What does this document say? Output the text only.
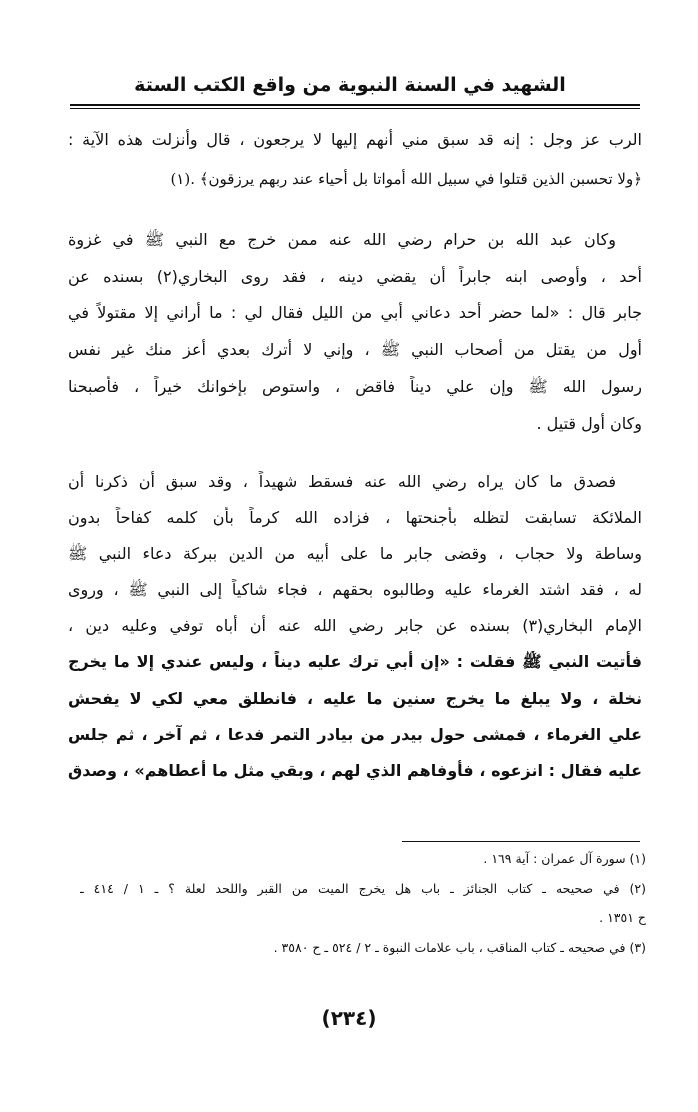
الشهيد في السنة النبوية من واقع الكتب الستة
الرب عز وجل : إنه قد سبق مني أنهم إليها لا يرجعون ، قال وأنزلت هذه الآية :
﴿ولا تحسبن الذين قتلوا في سبيل الله أمواتا بل أحياء عند ربهم يرزقون﴾ .(١)
وكان عبد الله بن حرام رضي الله عنه ممن خرج مع النبي ﷺ في غزوة
أحد ، وأوصى ابنه جابراً أن يقضي دينه ، فقد روى البخاري(٢) بسنده عن
جابر قال : «لما حضر أحد دعاني أبي من الليل فقال لي : ما أراني إلا مقتولاً في
أول من يقتل من أصحاب النبي ﷺ ، وإني لا أترك بعدي أعز منك غير نفس
رسول الله ﷺ وإن علي ديناً فاقض ، واستوص بإخوانك خيراً ، فأصبحنا
وكان أول قتيل .
فصدق ما كان يراه رضي الله عنه فسقط شهيداً ، وقد سبق أن ذكرنا أن
الملائكة تسابقت لتظله بأجنحتها ، فزاده الله كرماً بأن كلمه كفاحاً بدون
وساطة ولا حجاب ، وقضى جابر ما على أبيه من الدين ببركة دعاء النبي ﷺ
له ، فقد اشتد الغرماء عليه وطالبوه بحقهم ، فجاء شاكياً إلى النبي ﷺ ، وروى
الإمام البخاري(٣) بسنده عن جابر رضي الله عنه أن أباه توفي وعليه دين ،
فأتيت النبي ﷺ فقلت : «إن أبي ترك عليه ديناً ، وليس عندي إلا ما يخرج
نخلة ، ولا يبلغ ما يخرج سنين ما عليه ، فانطلق معي لكي لا يفحش
علي الغرماء ، فمشى حول بيدر من بيادر التمر فدعا ، ثم آخر ، ثم جلس
عليه فقال : انزعوه ، فأوفاهم الذي لهم ، وبقي مثل ما أعطاهم» ، وصدق
(١) سورة آل عمران : آية ١٦٩ .
(٢) في صحيحه ـ كتاب الجنائز ـ باب هل يخرج الميت من القبر واللحد لعلة ؟ ـ ١ / ٤١٤ ـ
ح ١٣٥١ .
(٣) في صحيحه ـ كتاب المناقب ، باب علامات النبوة ـ ٢ / ٥٢٤ ـ ح ٣٥٨٠ .
(٢٣٤)
